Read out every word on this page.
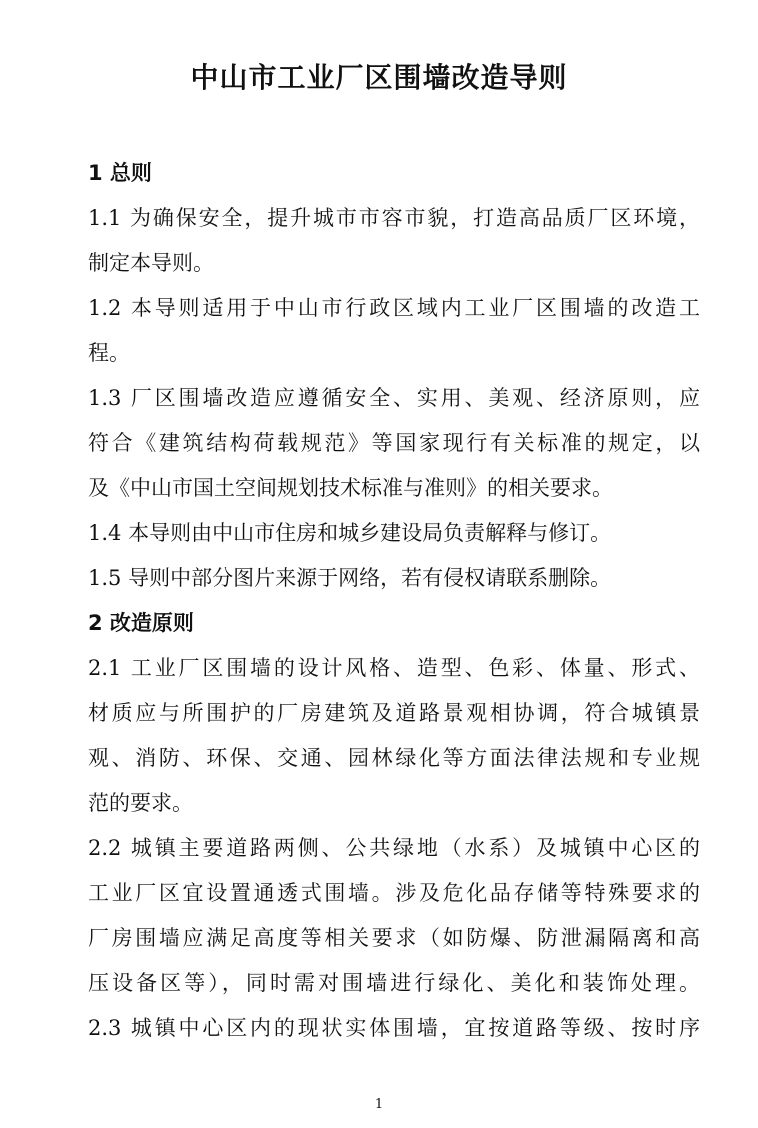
中山市工业厂区围墙改造导则
1 总则
1.1 为确保安全，提升城市市容市貌，打造高品质厂区环境，
制定本导则。
1.2 本导则适用于中山市行政区域内工业厂区围墙的改造工
程。
1.3 厂区围墙改造应遵循安全、实用、美观、经济原则，应
符合《建筑结构荷载规范》等国家现行有关标准的规定，以
及《中山市国土空间规划技术标准与准则》的相关要求。
1.4 本导则由中山市住房和城乡建设局负责解释与修订。
1.5 导则中部分图片来源于网络，若有侵权请联系删除。
2 改造原则
2.1 工业厂区围墙的设计风格、造型、色彩、体量、形式、
材质应与所围护的厂房建筑及道路景观相协调，符合城镇景
观、消防、环保、交通、园林绿化等方面法律法规和专业规
范的要求。
2.2 城镇主要道路两侧、公共绿地（水系）及城镇中心区的
工业厂区宜设置通透式围墙。涉及危化品存储等特殊要求的
厂房围墙应满足高度等相关要求（如防爆、防泄漏隔离和高
压设备区等），同时需对围墙进行绿化、美化和装饰处理。
2.3 城镇中心区内的现状实体围墙，宜按道路等级、按时序
1
